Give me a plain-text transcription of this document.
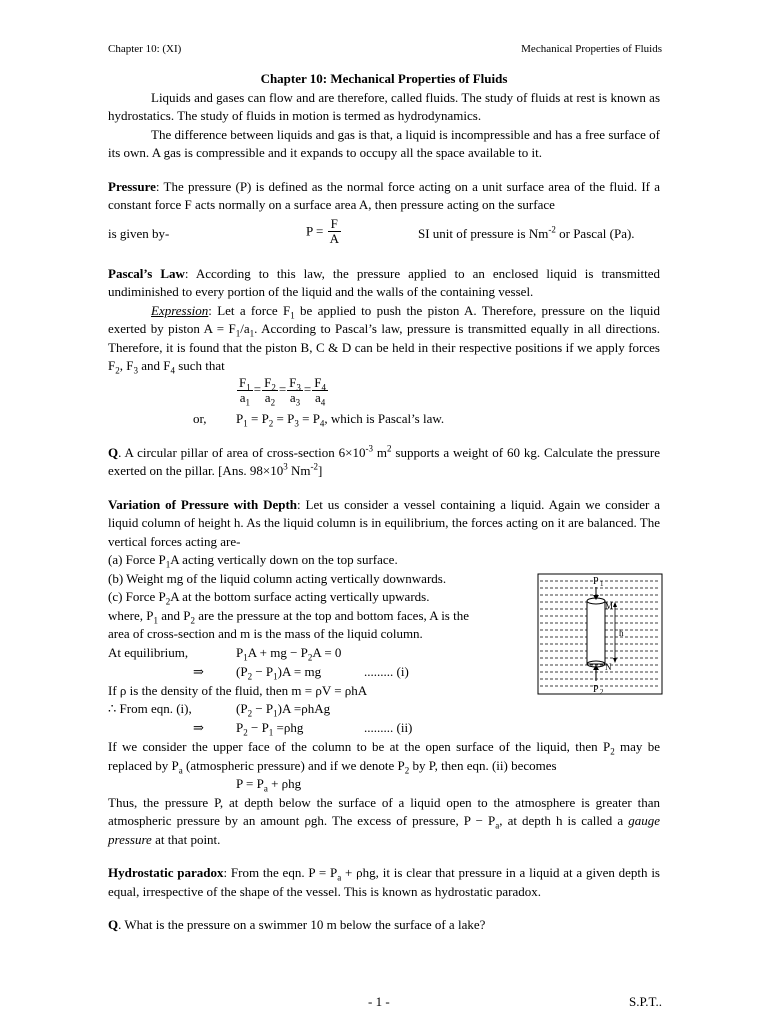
Chapter 10: (XI)	Mechanical Properties of Fluids

Chapter 10: Mechanical Properties of Fluids

Liquids and gases can flow and are therefore, called fluids. The study of fluids at rest is known as hydrostatics. The study of fluids in motion is termed as hydrodynamics.

The difference between liquids and gas is that, a liquid is incompressible and has a free surface of its own. A gas is compressible and it expands to occupy all the space available to it.

Pressure: The pressure (P) is defined as the normal force acting on a unit surface area of the fluid. If a constant force F acts normally on a surface area A, then pressure acting on the surface

is given by-	$P = \frac{F}{A}$	SI unit of pressure is $Nm^{-2}$ or Pascal (Pa).

Pascal’s Law: According to this law, the pressure applied to an enclosed liquid is transmitted undiminished to every portion of the liquid and the walls of the containing vessel.

Expression: Let a force $F_1$ be applied to push the piston A. Therefore, pressure on the liquid exerted by piston $A = F_1/a_1$. According to Pascal’s law, pressure is transmitted equally in all directions. Therefore, it is found that the piston B, C & D can be held in their respective positions if we apply forces $F_2$, $F_3$ and $F_4$ such that

$\frac{F_1}{a_1} = \frac{F_2}{a_2} = \frac{F_3}{a_3} = \frac{F_4}{a_4}$
or, $P_1 = P_2 = P_3 = P_4$, which is Pascal’s law.

Q. A circular pillar of area of cross-section $6\times 10^{-3}$ $m^2$ supports a weight of 60 kg. Calculate the pressure exerted on the pillar. [Ans. $98\times 10^3$ $Nm^{-2}$]

Variation of Pressure with Depth: Let us consider a vessel containing a liquid. Again we consider a liquid column of height h. As the liquid column is in equilibrium, the forces acting on it are balanced. The vertical forces acting are-

(a) Force $P_1A$ acting vertically down on the top surface.

(b) Weight mg of the liquid column acting vertically downwards.

(c) Force $P_2A$ at the bottom surface acting vertically upwards.

where, $P_1$ and $P_2$ are the pressure at the top and bottom faces, A is the

area of cross-section and m is the mass of the liquid column.

At equilibrium,	$P_1A$ + mg − $P_2A = 0$
⇒ $(P_2 - P_1)A$ = mg	......... (i)

If ρ is the density of the fluid, then m = ρV = ρhA

∴ From eqn. (i),	$(P_2 - P_1)A =\rho hAg$
⇒ $P_2 - P_1 =\rho hg$	......... (ii)

If we consider the upper face of the column to be at the open surface of the liquid, then $P_2$ may be replaced by $P_a$ (atmospheric pressure) and if we denote $P_2$ by P, then eqn. (ii) becomes

$P = P_a + \rho hg$

Thus, the pressure P, at depth below the surface of a liquid open to the atmosphere is greater than atmospheric pressure by an amount ρgh. The excess of pressure, $P - P_a$, at depth h is called a gauge pressure at that point.

Hydrostatic paradox: From the eqn. $P = P_a + \rho hg$, it is clear that pressure in a liquid at a given depth is equal, irrespective of the shape of the vessel. This is known as hydrostatic paradox.

Q. What is the pressure on a swimmer 10 m below the surface of a lake?

P 1
M
h
N
P 2
- 1 -	S.P.T..
